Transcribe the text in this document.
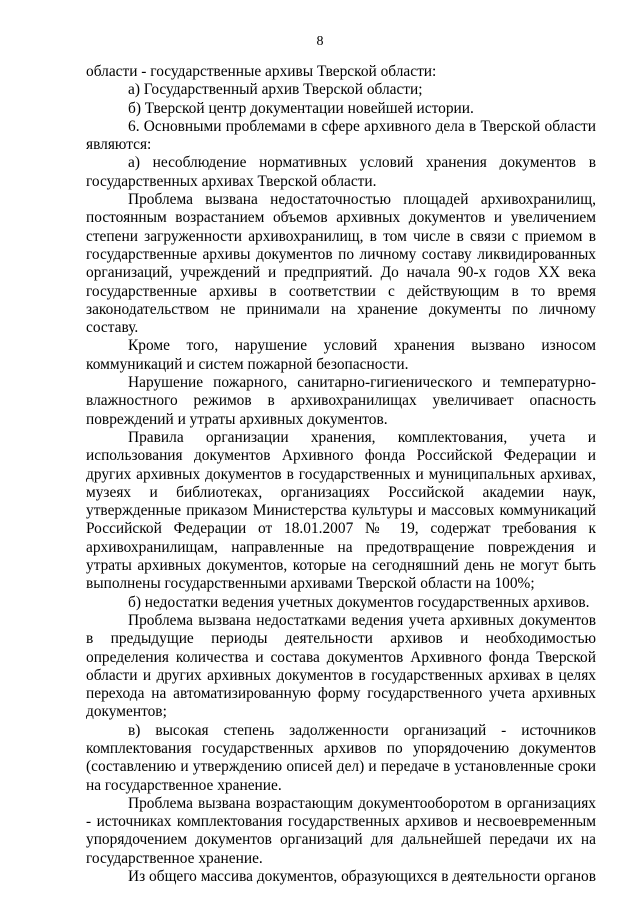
8

области - государственные архивы Тверской области:

а) Государственный архив Тверской области;

б) Тверской центр документации новейшей истории.

6. Основными проблемами в сфере архивного дела в Тверской области являются:

а) несоблюдение нормативных условий хранения документов в государственных архивах Тверской области.

Проблема вызвана недостаточностью площадей архивохранилищ, постоянным возрастанием объемов архивных документов и увеличением степени загруженности архивохранилищ, в том числе в связи с приемом в государственные архивы документов по личному составу ликвидированных организаций, учреждений и предприятий. До начала 90-х годов XX века государственные архивы в соответствии с действующим в то время законодательством не принимали на хранение документы по личному составу.

Кроме того, нарушение условий хранения вызвано износом коммуникаций и систем пожарной безопасности.

Нарушение пожарного, санитарно-гигиенического и температурно-влажностного режимов в архивохранилищах увеличивает опасность повреждений и утраты архивных документов.

Правила организации хранения, комплектования, учета и использования документов Архивного фонда Российской Федерации и других архивных документов в государственных и муниципальных архивах, музеях и библиотеках, организациях Российской академии наук, утвержденные приказом Министерства культуры и массовых коммуникаций Российской Федерации от 18.01.2007 № 19, содержат требования к архивохранилищам, направленные на предотвращение повреждения и утраты архивных документов, которые на сегодняшний день не могут быть выполнены государственными архивами Тверской области на 100%;

б) недостатки ведения учетных документов государственных архивов.

Проблема вызвана недостатками ведения учета архивных документов в предыдущие периоды деятельности архивов и необходимостью определения количества и состава документов Архивного фонда Тверской области и других архивных документов в государственных архивах в целях перехода на автоматизированную форму государственного учета архивных документов;

в) высокая степень задолженности организаций - источников комплектования государственных архивов по упорядочению документов (составлению и утверждению описей дел) и передаче в установленные сроки на государственное хранение.

Проблема вызвана возрастающим документооборотом в организациях - источниках комплектования государственных архивов и несвоевременным упорядочением документов организаций для дальнейшей передачи их на государственное хранение.

Из общего массива документов, образующихся в деятельности органов
